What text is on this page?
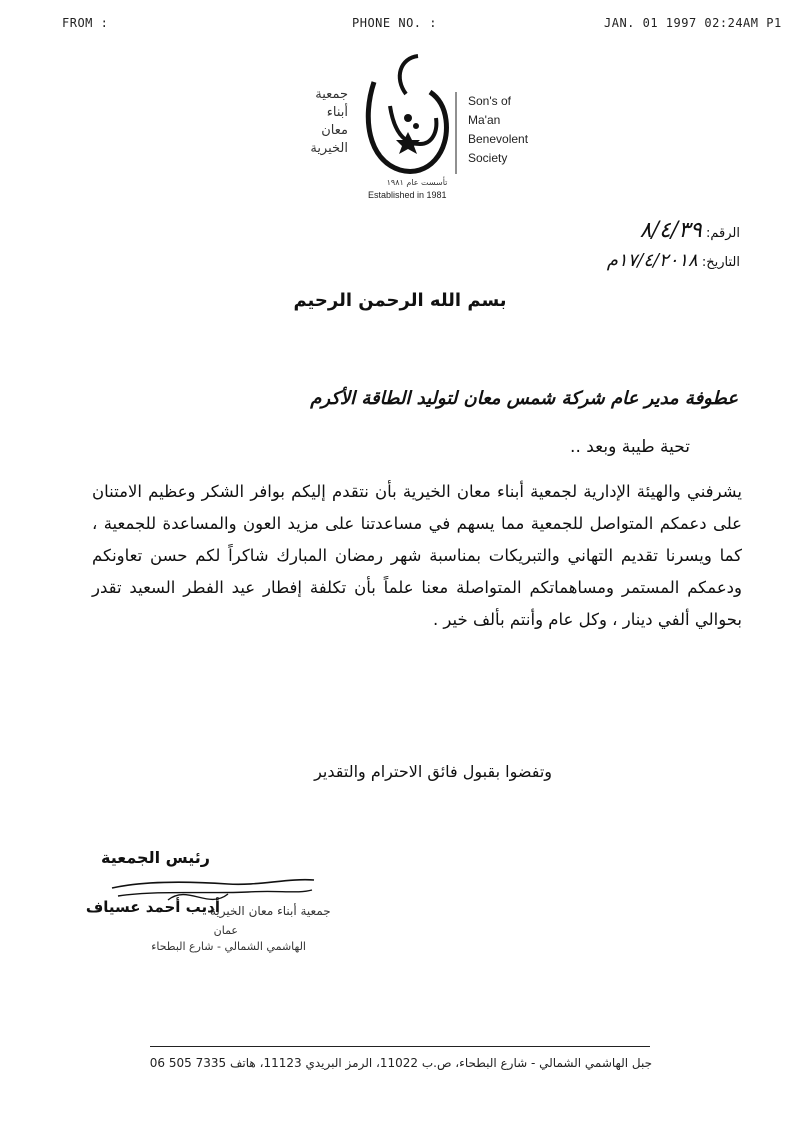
FROM :	PHONE NO. :	JAN. 01 1997 02:24AM P1
جمعية
أبناء
معان
الخيرية
تأسست عام ١٩٨١
Established in 1981
Son's of
Ma'an
Benevolent
Society
الرقم: ٨/٤/٣٩
التاريخ: ١٧/٤/٢٠١٨م
بسم الله الرحمن الرحيم
عطوفة مدير عام شركة شمس معان لتوليد الطاقة الأكرم
تحية طيبة وبعد ..
يشرفني والهيئة الإدارية لجمعية أبناء معان الخيرية بأن نتقدم إليكم بوافر الشكر وعظيم الامتنان على دعمكم المتواصل للجمعية مما يسهم في مساعدتنا على مزيد العون والمساعدة للجمعية ، كما ويسرنا تقديم التهاني والتبريكات بمناسبة شهر رمضان المبارك شاكراً لكم حسن تعاونكم ودعمكم المستمر ومساهماتكم المتواصلة معنا علماً بأن تكلفة إفطار عيد الفطر السعيد تقدر بحوالي ألفي دينار ، وكل عام وأنتم بألف خير .
وتفضوا بقبول فائق الاحترام والتقدير
رئيس الجمعية
أديب أحمد عسياف
جمعية أبناء معان الخيرية
عمان
الهاشمي الشمالي - شارع البطحاء
جبل الهاشمي الشمالي - شارع البطحاء، ص.ب 11022، الرمز البريدي 11123، هاتف 7335 505 06
